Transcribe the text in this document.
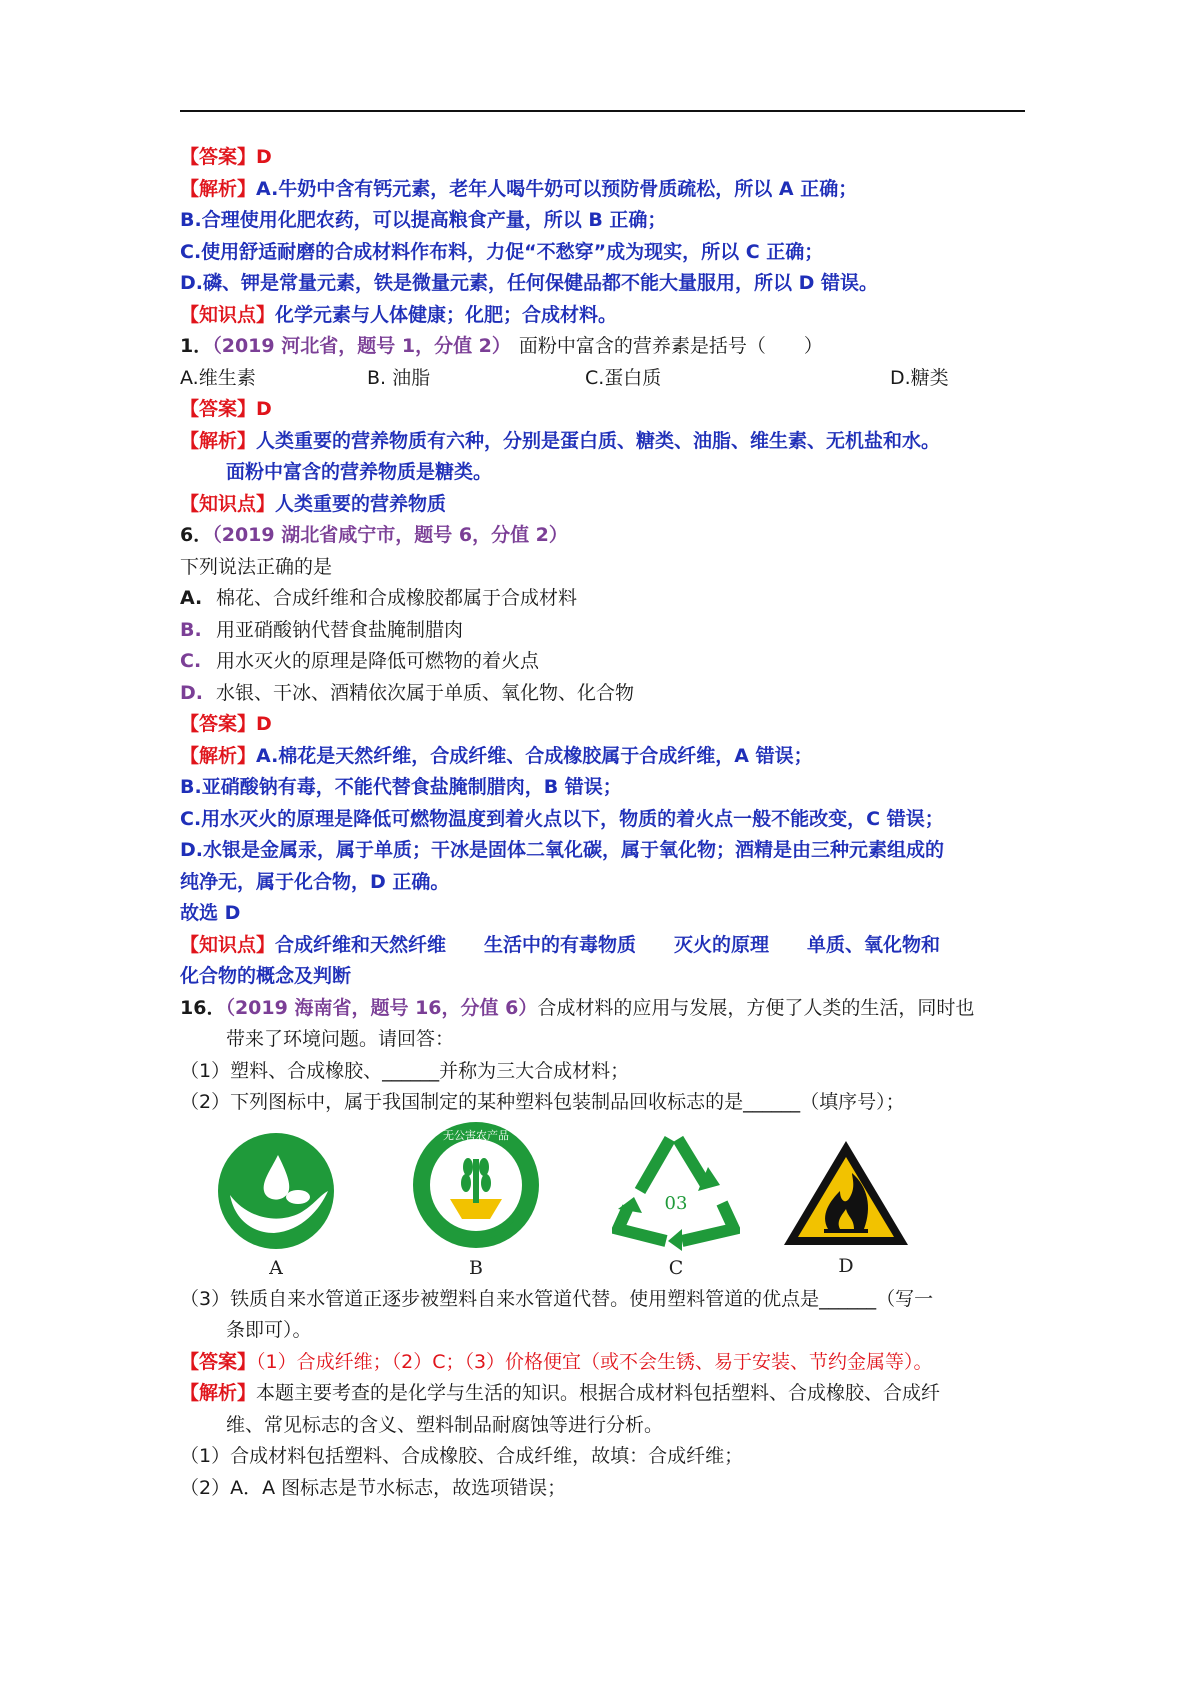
【答案】D
【解析】A.牛奶中含有钙元素，老年人喝牛奶可以预防骨质疏松，所以 A 正确；
B.合理使用化肥农药，可以提高粮食产量，所以 B 正确；
C.使用舒适耐磨的合成材料作布料，力促“不愁穿”成为现实，所以 C 正确；
D.磷、钾是常量元素，铁是微量元素，任何保健品都不能大量服用，所以 D 错误。
【知识点】化学元素与人体健康；化肥；合成材料。
1．（2019 河北省，题号 1，分值 2） 面粉中富含的营养素是括号（　　）
A.维生素	B. 油脂	C.蛋白质	D.糖类
【答案】D
【解析】人类重要的营养物质有六种，分别是蛋白质、糖类、油脂、维生素、无机盐和水。
面粉中富含的营养物质是糖类。
【知识点】人类重要的营养物质
6．（2019 湖北省咸宁市，题号 6，分值 2）
下列说法正确的是
A. 棉花、合成纤维和合成橡胶都属于合成材料
B. 用亚硝酸钠代替食盐腌制腊肉
C. 用水灭火的原理是降低可燃物的着火点
D. 水银、干冰、酒精依次属于单质、氧化物、化合物
【答案】D
【解析】A.棉花是天然纤维，合成纤维、合成橡胶属于合成纤维，A 错误；
B.亚硝酸钠有毒，不能代替食盐腌制腊肉，B 错误；
C.用水灭火的原理是降低可燃物温度到着火点以下，物质的着火点一般不能改变，C 错误；
D.水银是金属汞，属于单质；干冰是固体二氧化碳，属于氧化物；酒精是由三种元素组成的
纯净无，属于化合物，D 正确。
故选 D
【知识点】合成纤维和天然纤维　　生活中的有毒物质　　灭火的原理　　单质、氧化物和
化合物的概念及判断
16．（2019 海南省，题号 16，分值 6）合成材料的应用与发展，方便了人类的生活，同时也
带来了环境问题。请回答：
（1）塑料、合成橡胶、______并称为三大合成材料；
（2）下列图标中，属于我国制定的某种塑料包装制品回收标志的是______（填序号）；
A
无公害农产品
B
03
C	D
（3）铁质自来水管道正逐步被塑料自来水管道代替。使用塑料管道的优点是______（写一
条即可）。
【答案】（1）合成纤维；（2）C；（3）价格便宜（或不会生锈、易于安装、节约金属等）。
【解析】本题主要考查的是化学与生活的知识。根据合成材料包括塑料、合成橡胶、合成纤
维、常见标志的含义、塑料制品耐腐蚀等进行分析。
（1）合成材料包括塑料、合成橡胶、合成纤维，故填：合成纤维；
（2）A．A 图标志是节水标志，故选项错误；
